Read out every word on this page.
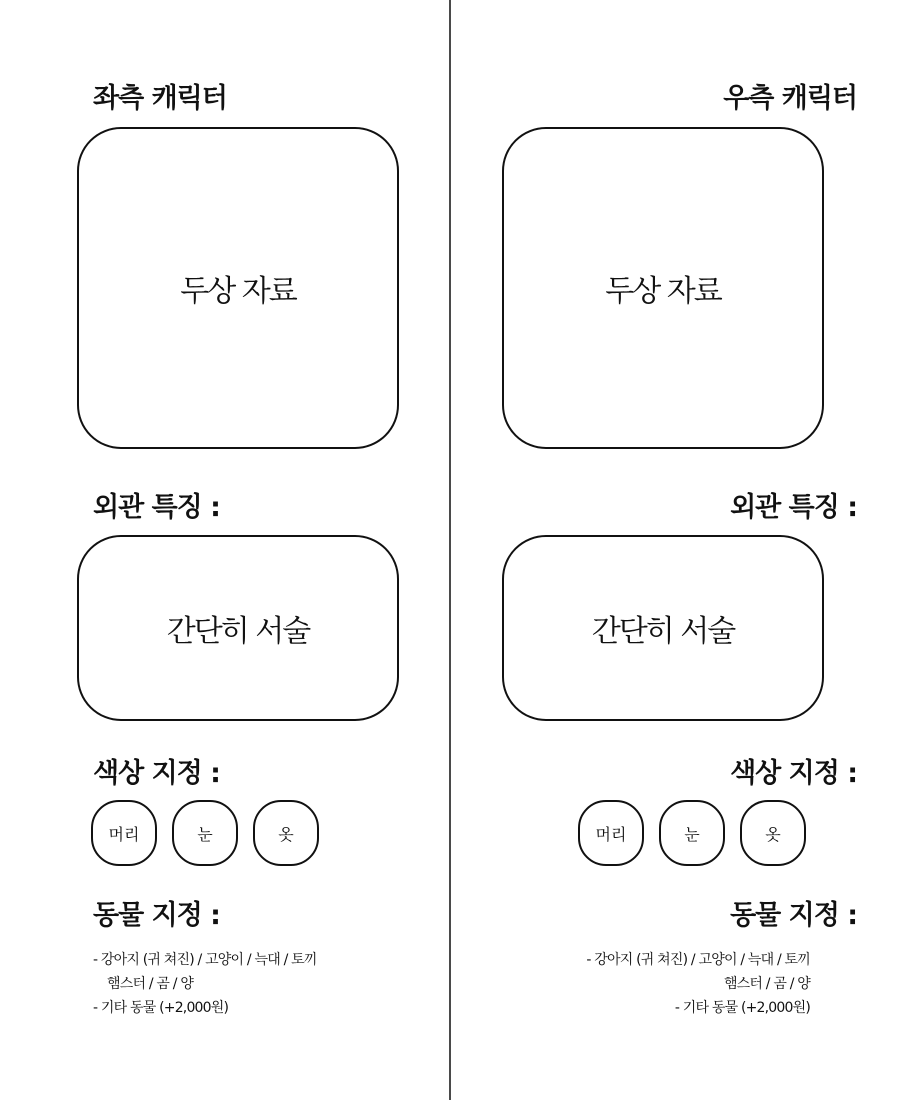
좌측 캐릭터
두상 자료
외관 특징 :
간단히 서술
색상 지정 :
머리	눈	옷
동물 지정 :
- 강아지 (귀 쳐진) / 고양이 / 늑대 / 토끼
햄스터 / 곰 / 양
- 기타 동물 (+2,000원)
우측 캐릭터
두상 자료
외관 특징 :
간단히 서술
색상 지정 :
머리	눈	옷
동물 지정 :
- 강아지 (귀 쳐진) / 고양이 / 늑대 / 토끼
햄스터 / 곰 / 양
- 기타 동물 (+2,000원)
